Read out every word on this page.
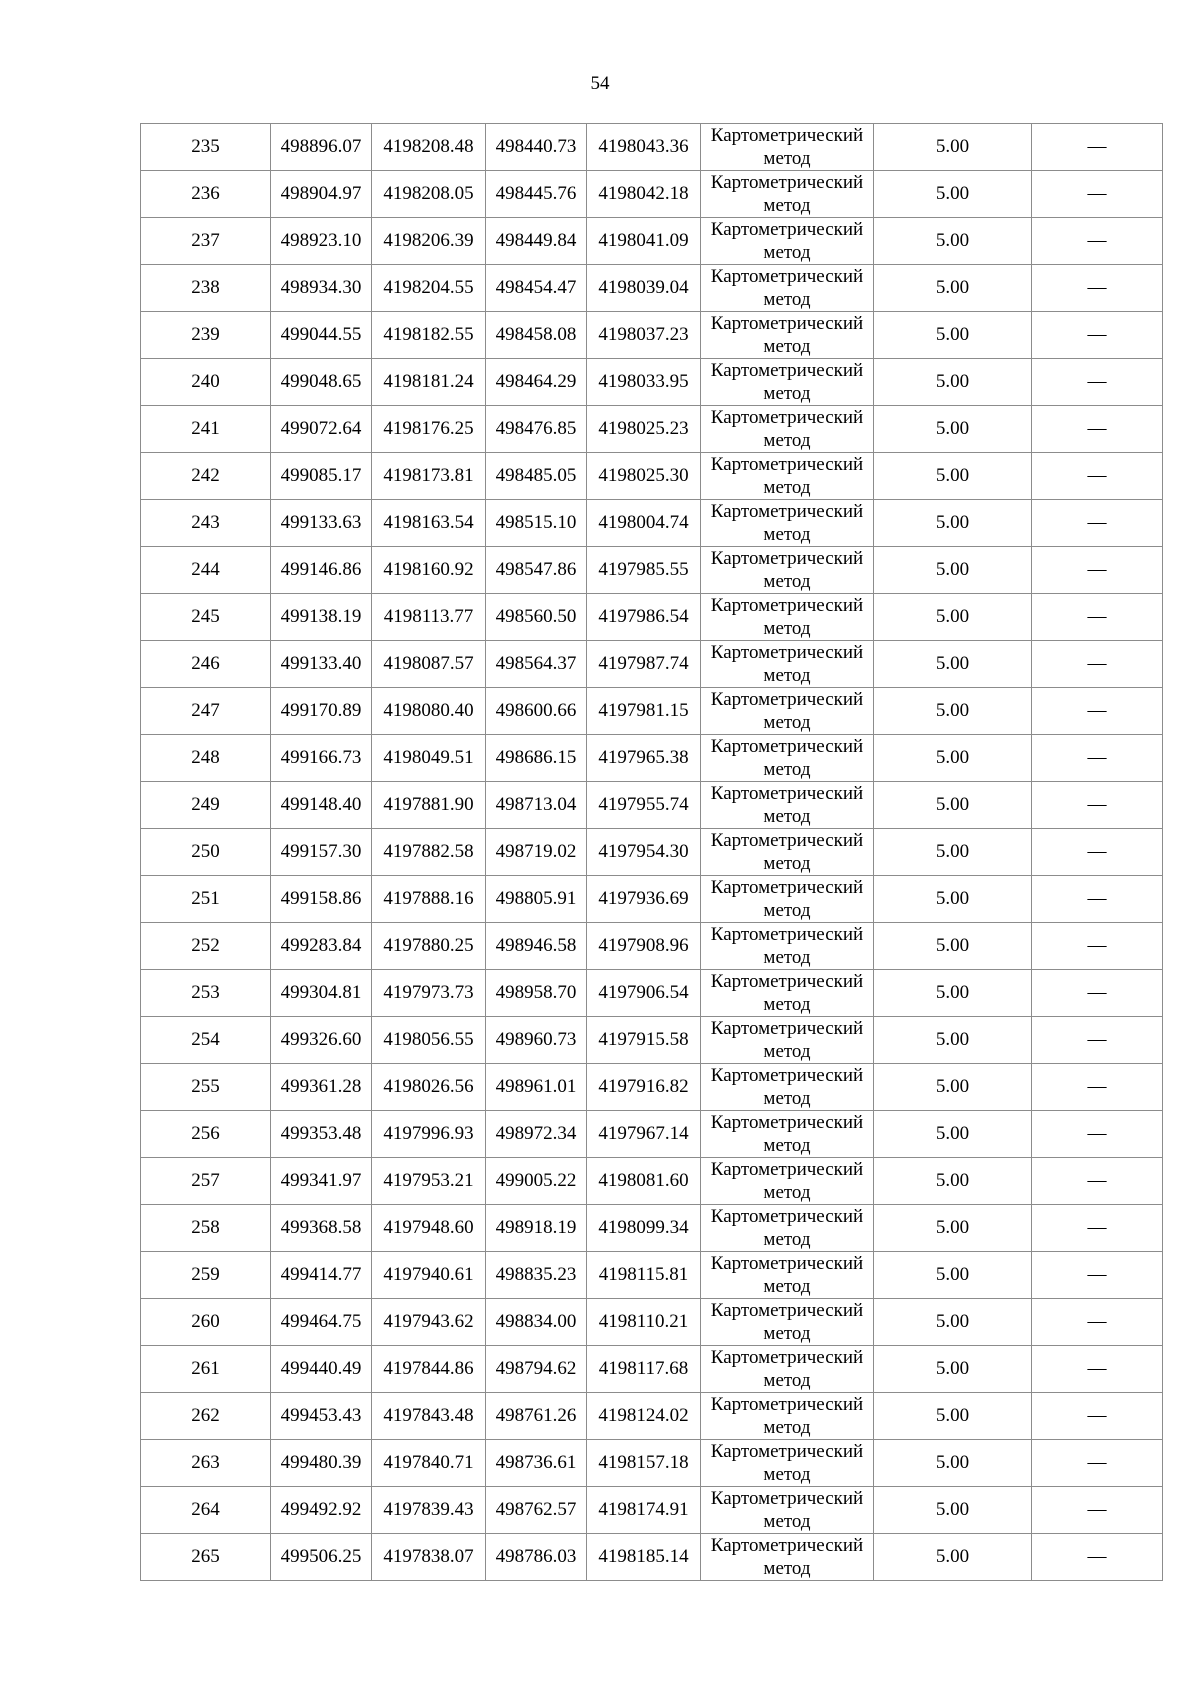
54
235	498896.07	4198208.48	498440.73	4198043.36	Картометрический
метод	5.00	—
236	498904.97	4198208.05	498445.76	4198042.18	Картометрический
метод	5.00	—
237	498923.10	4198206.39	498449.84	4198041.09	Картометрический
метод	5.00	—
238	498934.30	4198204.55	498454.47	4198039.04	Картометрический
метод	5.00	—
239	499044.55	4198182.55	498458.08	4198037.23	Картометрический
метод	5.00	—
240	499048.65	4198181.24	498464.29	4198033.95	Картометрический
метод	5.00	—
241	499072.64	4198176.25	498476.85	4198025.23	Картометрический
метод	5.00	—
242	499085.17	4198173.81	498485.05	4198025.30	Картометрический
метод	5.00	—
243	499133.63	4198163.54	498515.10	4198004.74	Картометрический
метод	5.00	—
244	499146.86	4198160.92	498547.86	4197985.55	Картометрический
метод	5.00	—
245	499138.19	4198113.77	498560.50	4197986.54	Картометрический
метод	5.00	—
246	499133.40	4198087.57	498564.37	4197987.74	Картометрический
метод	5.00	—
247	499170.89	4198080.40	498600.66	4197981.15	Картометрический
метод	5.00	—
248	499166.73	4198049.51	498686.15	4197965.38	Картометрический
метод	5.00	—
249	499148.40	4197881.90	498713.04	4197955.74	Картометрический
метод	5.00	—
250	499157.30	4197882.58	498719.02	4197954.30	Картометрический
метод	5.00	—
251	499158.86	4197888.16	498805.91	4197936.69	Картометрический
метод	5.00	—
252	499283.84	4197880.25	498946.58	4197908.96	Картометрический
метод	5.00	—
253	499304.81	4197973.73	498958.70	4197906.54	Картометрический
метод	5.00	—
254	499326.60	4198056.55	498960.73	4197915.58	Картометрический
метод	5.00	—
255	499361.28	4198026.56	498961.01	4197916.82	Картометрический
метод	5.00	—
256	499353.48	4197996.93	498972.34	4197967.14	Картометрический
метод	5.00	—
257	499341.97	4197953.21	499005.22	4198081.60	Картометрический
метод	5.00	—
258	499368.58	4197948.60	498918.19	4198099.34	Картометрический
метод	5.00	—
259	499414.77	4197940.61	498835.23	4198115.81	Картометрический
метод	5.00	—
260	499464.75	4197943.62	498834.00	4198110.21	Картометрический
метод	5.00	—
261	499440.49	4197844.86	498794.62	4198117.68	Картометрический
метод	5.00	—
262	499453.43	4197843.48	498761.26	4198124.02	Картометрический
метод	5.00	—
263	499480.39	4197840.71	498736.61	4198157.18	Картометрический
метод	5.00	—
264	499492.92	4197839.43	498762.57	4198174.91	Картометрический
метод	5.00	—
265	499506.25	4197838.07	498786.03	4198185.14	Картометрический
метод	5.00	—
